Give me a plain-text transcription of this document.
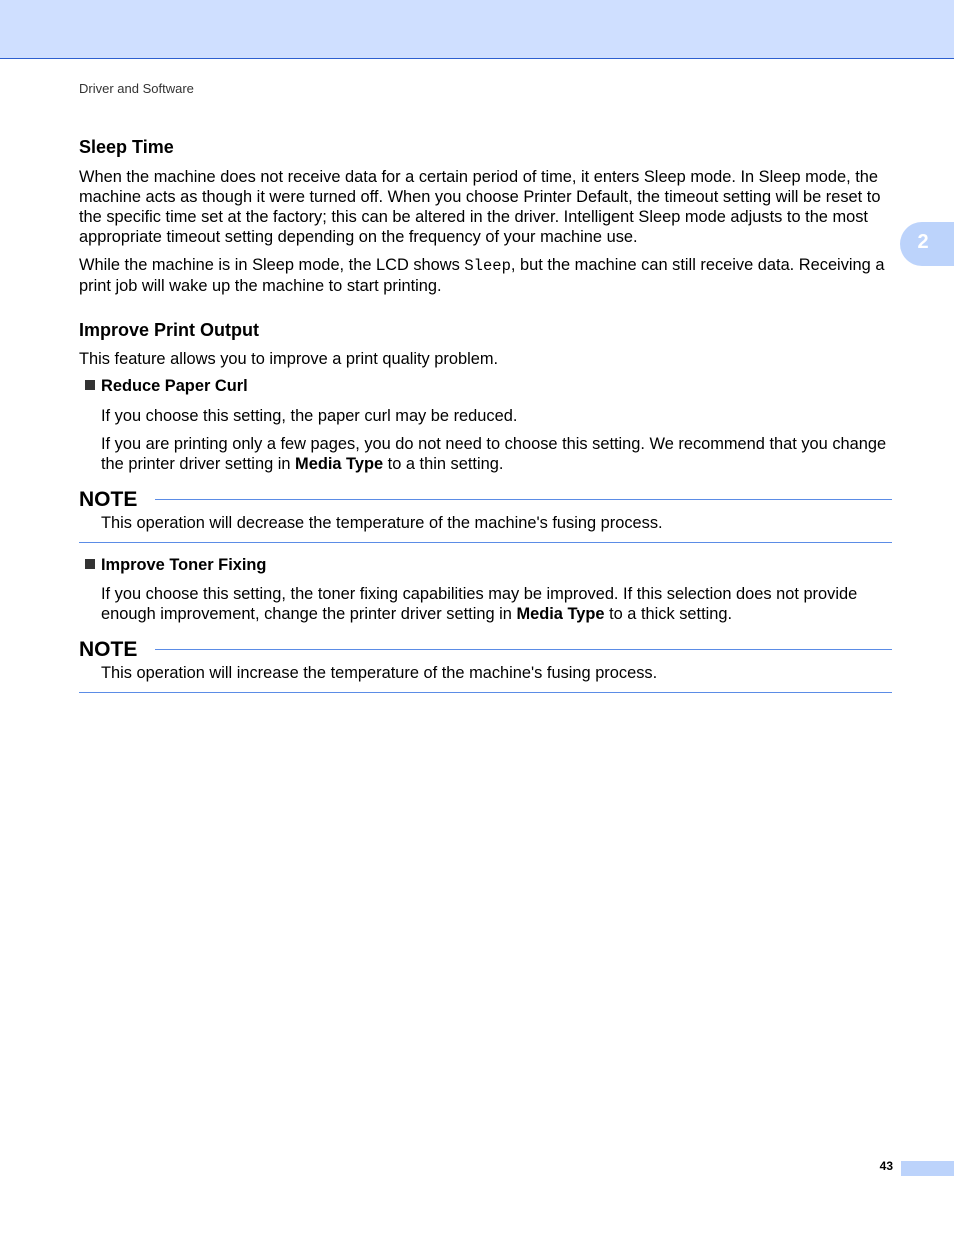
Driver and Software
2
Sleep Time

When the machine does not receive data for a certain period of time, it enters Sleep mode. In Sleep mode, the machine acts as though it were turned off. When you choose Printer Default, the timeout setting will be reset to the specific time set at the factory; this can be altered in the driver. Intelligent Sleep mode adjusts to the most appropriate timeout setting depending on the frequency of your machine use.

While the machine is in Sleep mode, the LCD shows Sleep, but the machine can still receive data. Receiving a print job will wake up the machine to start printing.

Improve Print Output

This feature allows you to improve a print quality problem.

Reduce Paper Curl

If you choose this setting, the paper curl may be reduced.

If you are printing only a few pages, you do not need to choose this setting. We recommend that you change the printer driver setting in Media Type to a thin setting.

NOTE

This operation will decrease the temperature of the machine's fusing process.

Improve Toner Fixing

If you choose this setting, the toner fixing capabilities may be improved. If this selection does not provide enough improvement, change the printer driver setting in Media Type to a thick setting.

NOTE

This operation will increase the temperature of the machine's fusing process.

43
